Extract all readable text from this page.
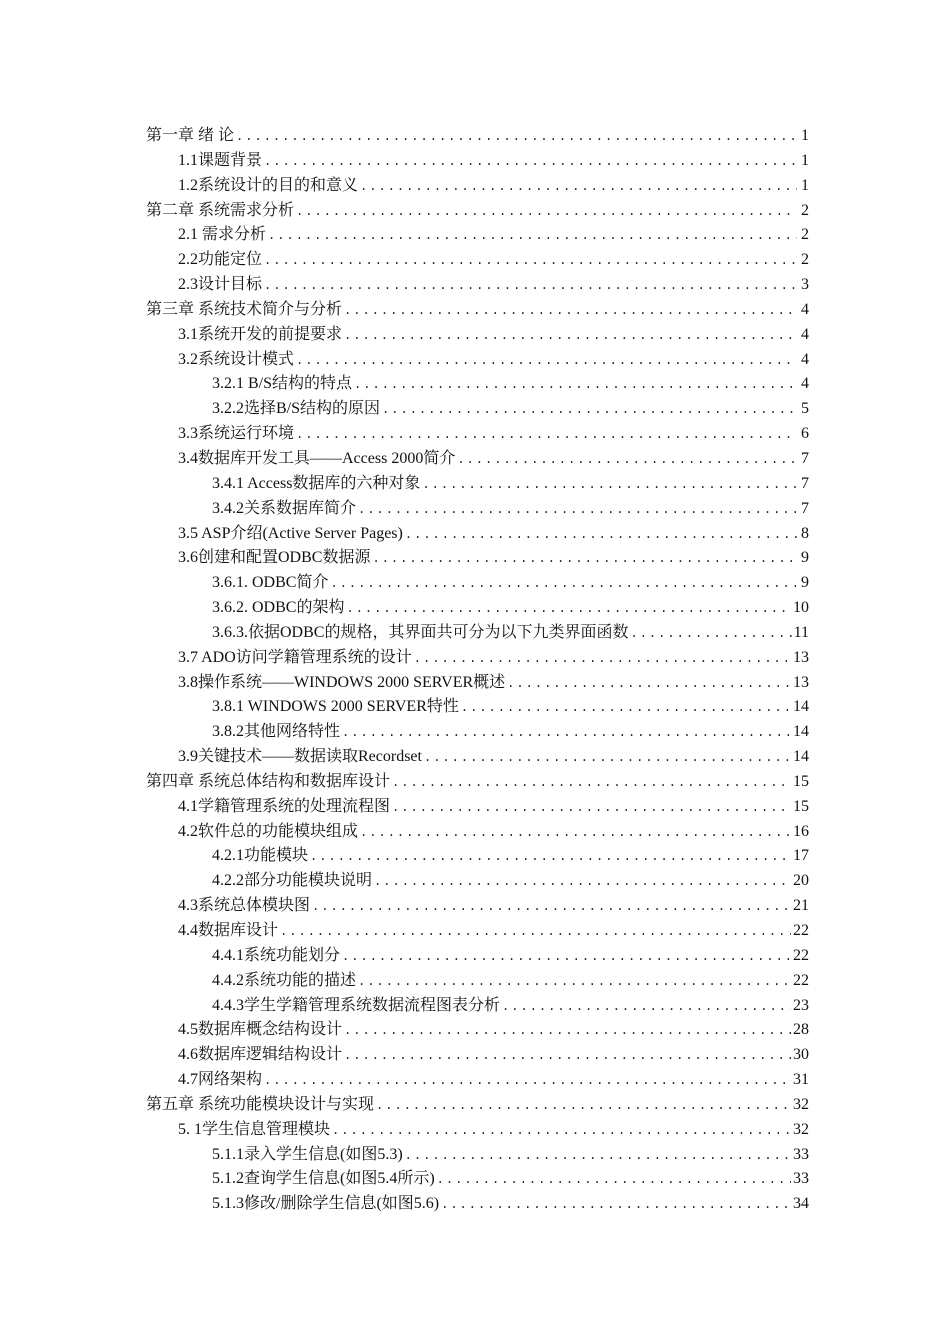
第一章 绪 论 .....	1
1.1课题背景 .....	1
1.2系统设计的目的和意义 .....	1
第二章 系统需求分析 .....	2
2.1 需求分析 .....	2
2.2功能定位 .....	2
2.3设计目标 .....	3
第三章 系统技术简介与分析 .....	4
3.1系统开发的前提要求 .....	4
3.2系统设计模式 .....	4
3.2.1 B/S结构的特点 .....	4
3.2.2选择B/S结构的原因 .....	5
3.3系统运行环境 .....	6
3.4数据库开发工具——Access 2000简介 .....	7
3.4.1 Access数据库的六种对象 .....	7
3.4.2关系数据库简介 .....	7
3.5 ASP介绍(Active Server Pages) .....	8
3.6创建和配置ODBC数据源 .....	9
3.6.1. ODBC简介 .....	9
3.6.2. ODBC的架构 .....	10
3.6.3.依据ODBC的规格，其界面共可分为以下九类界面函数 .....	11
3.7 ADO访问学籍管理系统的设计 .....	13
3.8操作系统——WINDOWS 2000 SERVER概述 .....	13
3.8.1 WINDOWS 2000 SERVER特性 .....	14
3.8.2其他网络特性 .....	14
3.9关键技术——数据读取Recordset .....	14
第四章 系统总体结构和数据库设计 .....	15
4.1学籍管理系统的处理流程图 .....	15
4.2软件总的功能模块组成 .....	16
4.2.1功能模块 .....	17
4.2.2部分功能模块说明 .....	20
4.3系统总体模块图 .....	21
4.4数据库设计 .....	22
4.4.1系统功能划分 .....	22
4.4.2系统功能的描述 .....	22
4.4.3学生学籍管理系统数据流程图表分析 .....	23
4.5数据库概念结构设计 .....	28
4.6数据库逻辑结构设计 .....	30
4.7网络架构 .....	31
第五章 系统功能模块设计与实现 .....	32
5. 1学生信息管理模块 .....	32
5.1.1录入学生信息(如图5.3) .....	33
5.1.2查询学生信息(如图5.4所示) .....	33
5.1.3修改/删除学生信息(如图5.6) .....	34
